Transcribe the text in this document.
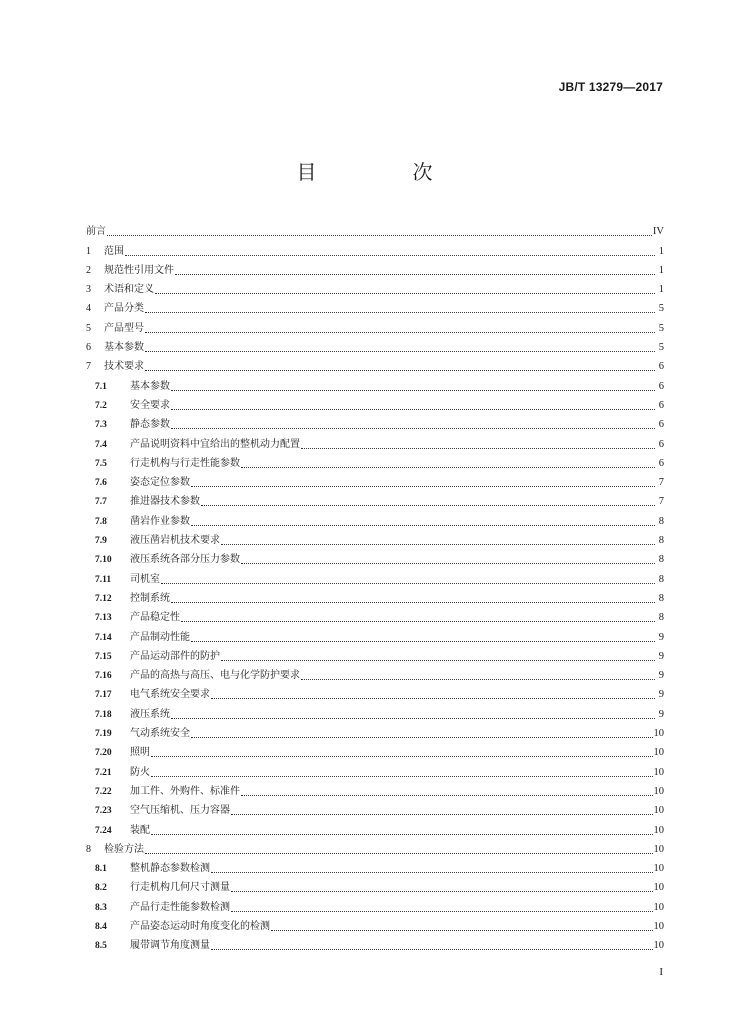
JB/T 13279—2017
目　次
前言	IV
1	范围	1
2	规范性引用文件	1
3	术语和定义	1
4	产品分类	5
5	产品型号	5
6	基本参数	5
7	技术要求	6
7.1	基本参数	6
7.2	安全要求	6
7.3	静态参数	6
7.4	产品说明资料中宜给出的整机动力配置	6
7.5	行走机构与行走性能参数	6
7.6	姿态定位参数	7
7.7	推进器技术参数	7
7.8	凿岩作业参数	8
7.9	液压凿岩机技术要求	8
7.10	液压系统各部分压力参数	8
7.11	司机室	8
7.12	控制系统	8
7.13	产品稳定性	8
7.14	产品制动性能	9
7.15	产品运动部件的防护	9
7.16	产品的高热与高压、电与化学防护要求	9
7.17	电气系统安全要求	9
7.18	液压系统	9
7.19	气动系统安全	10
7.20	照明	10
7.21	防火	10
7.22	加工件、外购件、标准件	10
7.23	空气压缩机、压力容器	10
7.24	装配	10
8	检验方法	10
8.1	整机静态参数检测	10
8.2	行走机构几何尺寸测量	10
8.3	产品行走性能参数检测	10
8.4	产品姿态运动时角度变化的检测	10
8.5	履带调节角度测量	10
I
